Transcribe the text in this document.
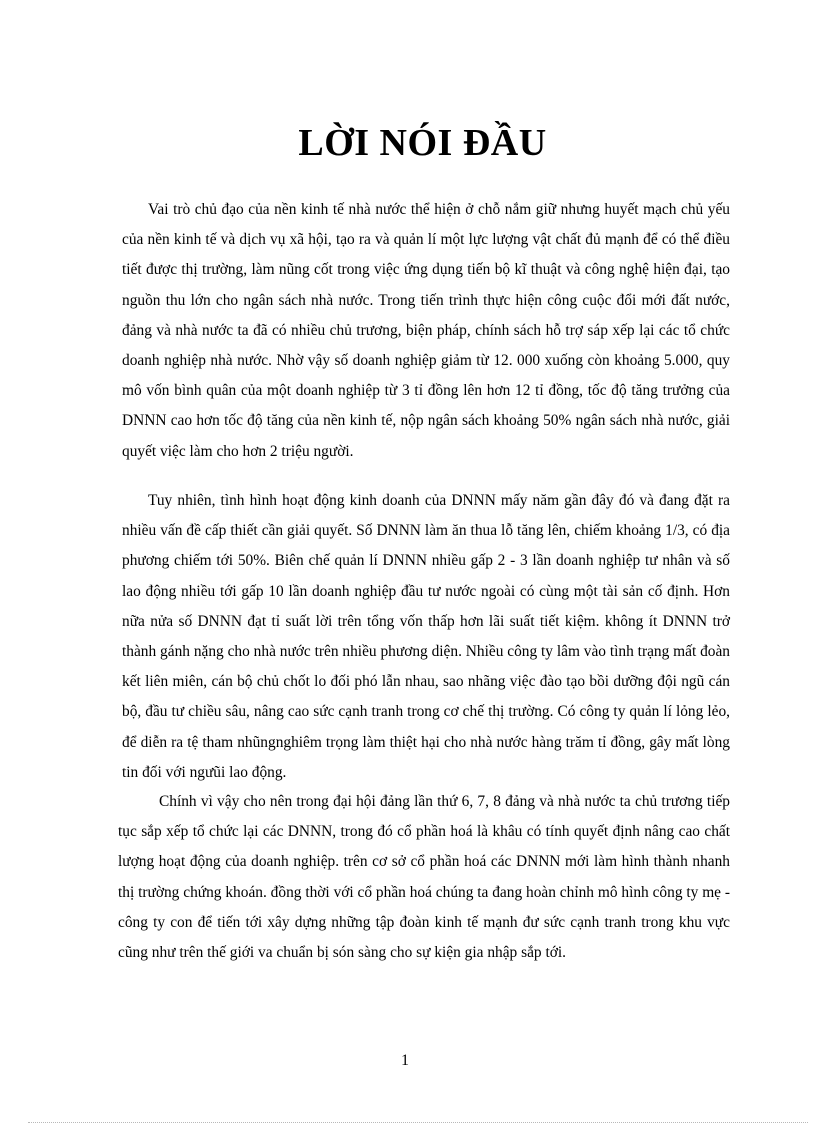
LỜI NÓI ĐẦU

Vai trò chủ đạo của nền kinh tế nhà nước thể hiện ở chỗ nắm giữ nhưng huyết mạch chủ yếu của nền kinh tế và dịch vụ xã hội, tạo ra và quản lí một lực lượng vật chất đủ mạnh để có thể điều tiết được thị trường, làm nũng cốt trong việc ứng dụng tiến bộ kĩ thuật và công nghệ hiện đại, tạo nguồn thu lớn cho ngân sách nhà nước. Trong tiến trình thực hiện công cuộc đổi mới đất nước, đảng và nhà nước ta đã có nhiều chủ trương, biện pháp, chính sách hỗ trợ sáp xếp lại các tổ chức doanh nghiệp nhà nước. Nhờ vậy số doanh nghiệp giảm từ 12. 000 xuống còn khoảng 5.000, quy mô vốn bình quân của một doanh nghiệp từ 3 tỉ đồng lên hơn 12 tỉ đồng, tốc độ tăng trưởng của DNNN cao hơn tốc độ tăng của nền kinh tế, nộp ngân sách khoảng 50% ngân sách nhà nước, giải quyết việc làm cho hơn 2 triệu người.

Tuy nhiên, tình hình hoạt động kinh doanh của DNNN mấy năm gần đây đó và đang đặt ra nhiều vấn đề cấp thiết cần giải quyết. Số DNNN làm ăn thua lỗ tăng lên, chiếm khoảng 1/3, có địa phương chiếm tới 50%. Biên chế quản lí DNNN nhiều gấp 2 - 3 lần doanh nghiệp tư nhân và số lao động nhiều tới gấp 10 lần doanh nghiệp đầu tư nước ngoài có cùng một tài sản cố định. Hơn nữa nửa số DNNN đạt tỉ suất lời trên tổng vốn thấp hơn lãi suất tiết kiệm. không ít DNNN trở thành gánh nặng cho nhà nước trên nhiều phương diện. Nhiều công ty lâm vào tình trạng mất đoàn kết liên miên, cán bộ chủ chốt lo đối phó lẫn nhau, sao nhãng việc đào tạo bồi dưỡng đội ngũ cán bộ, đầu tư chiều sâu, nâng cao sức cạnh tranh trong cơ chế thị trường. Có công ty quản lí lỏng lẻo, để diễn ra tệ tham nhũngnghiêm trọng làm thiệt hại cho nhà nước hàng trăm tỉ đồng, gây mất lòng tin đối với ngưũi lao động.

Chính vì vậy cho nên trong đại hội đảng lần thứ 6, 7, 8 đảng và nhà nước ta chủ trương tiếp tục sắp xếp tổ chức lại các DNNN, trong đó cổ phần hoá là khâu có tính quyết định nâng cao chất lượng hoạt động của doanh nghiệp. trên cơ sở cổ phần hoá các DNNN mới làm hình thành nhanh thị trường chứng khoán. đồng thời với cổ phần hoá chúng ta đang hoàn chỉnh mô hình công ty mẹ - công ty con để tiến tới xây dựng những tập đoàn kinh tế mạnh đư sức cạnh tranh trong khu vực cũng như trên thế giới va chuẩn bị són sàng cho sự kiện gia nhập sắp tới.

1
